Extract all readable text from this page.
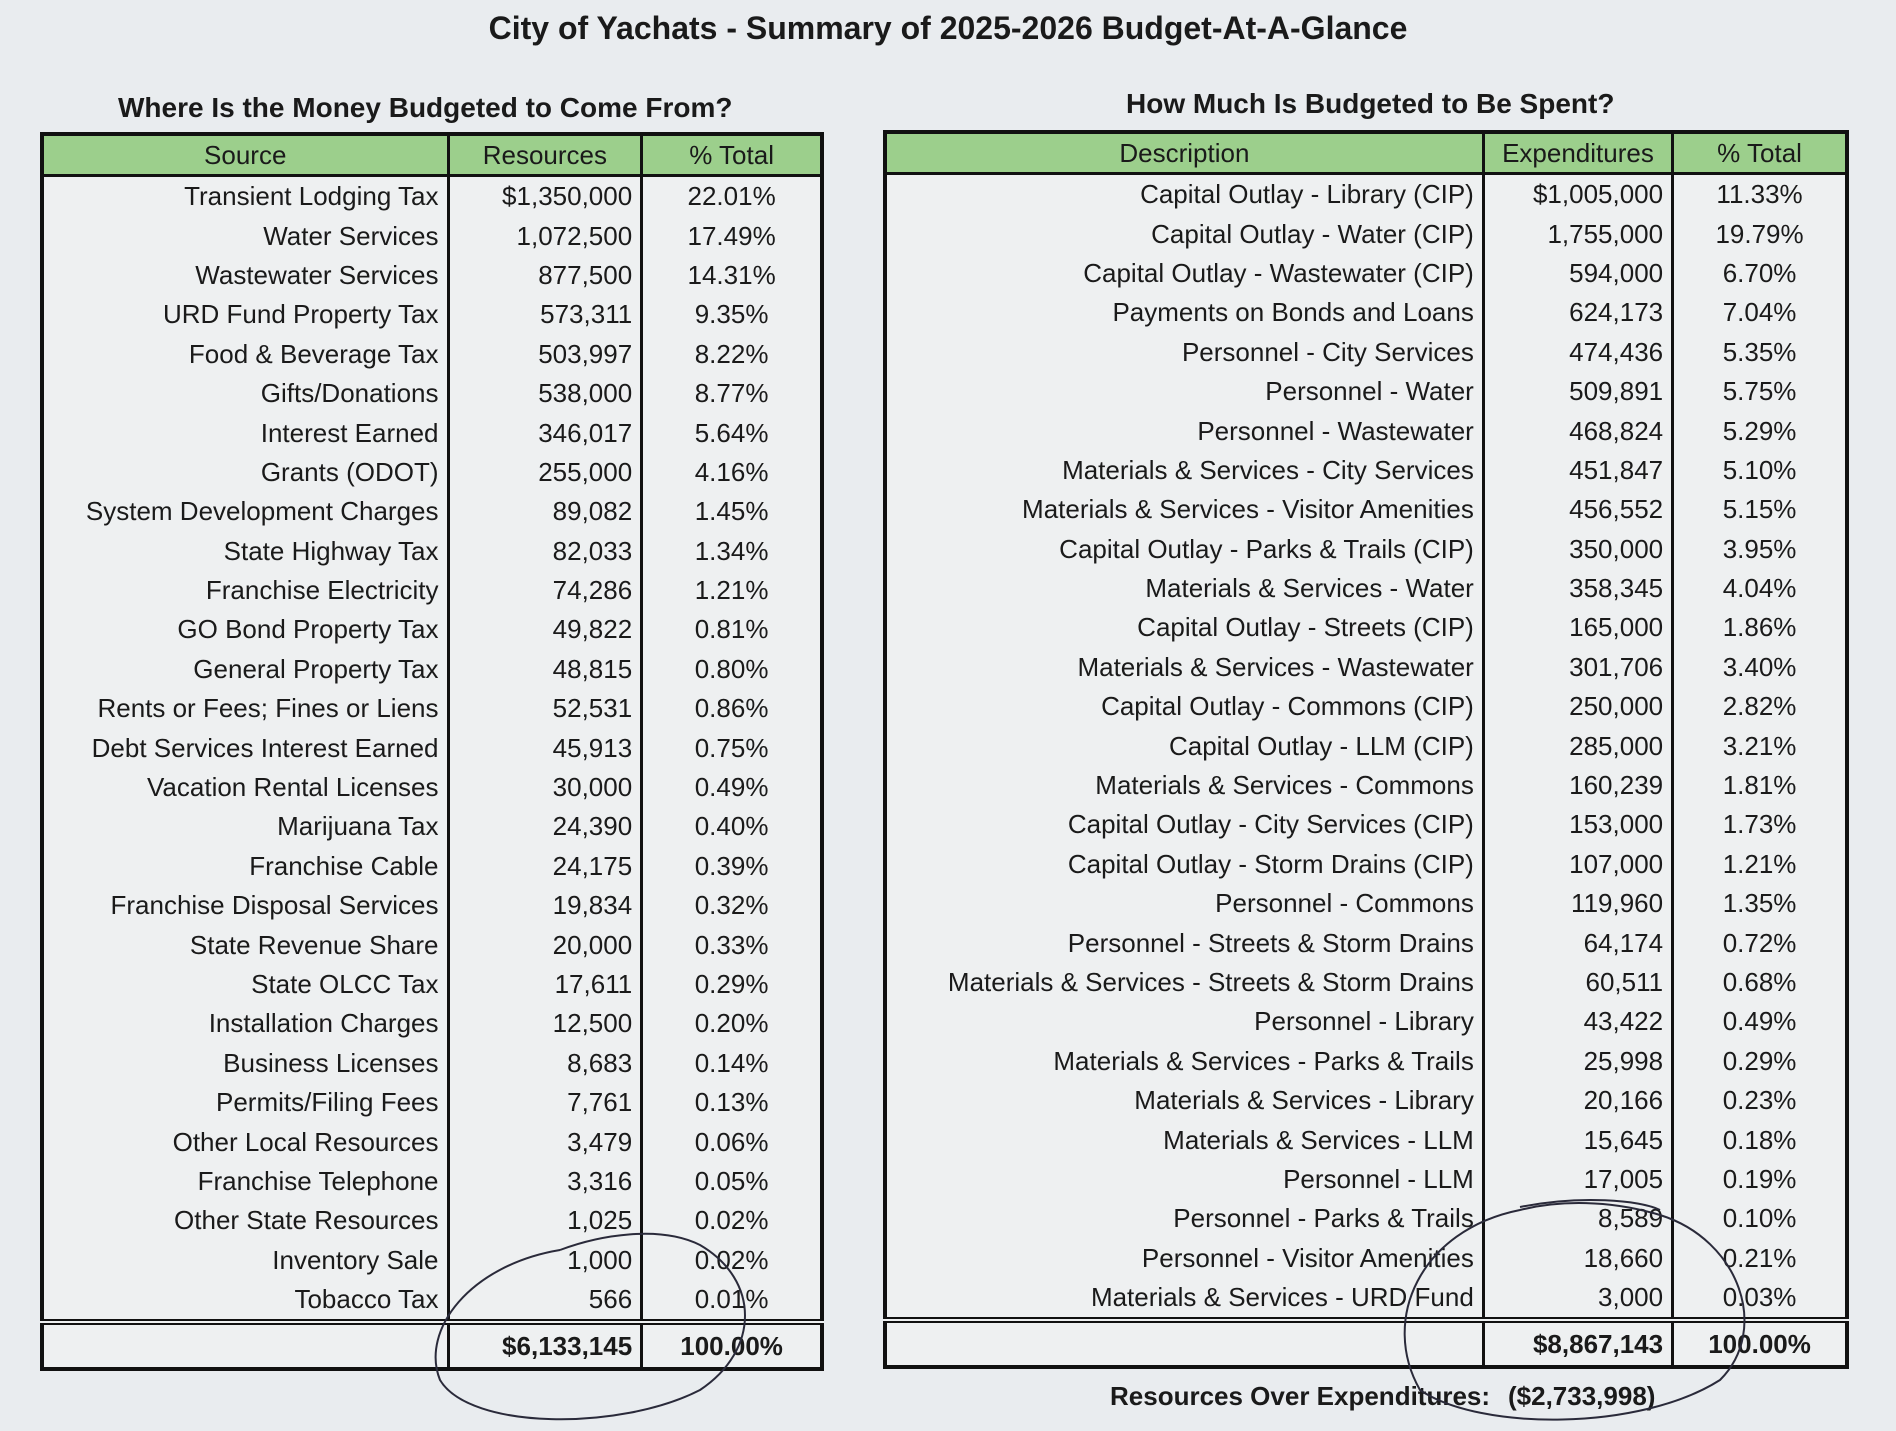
City of Yachats - Summary of 2025-2026 Budget-At-A-Glance
Where Is the Money Budgeted to Come From?	How Much Is Budgeted to Be Spent?
Source	Resources	% Total
Transient Lodging Tax	$1,350,000	22.01%
Water Services	1,072,500	17.49%
Wastewater Services	877,500	14.31%
URD Fund Property Tax	573,311	9.35%
Food & Beverage Tax	503,997	8.22%
Gifts/Donations	538,000	8.77%
Interest Earned	346,017	5.64%
Grants (ODOT)	255,000	4.16%
System Development Charges	89,082	1.45%
State Highway Tax	82,033	1.34%
Franchise Electricity	74,286	1.21%
GO Bond Property Tax	49,822	0.81%
General Property Tax	48,815	0.80%
Rents or Fees; Fines or Liens	52,531	0.86%
Debt Services Interest Earned	45,913	0.75%
Vacation Rental Licenses	30,000	0.49%
Marijuana Tax	24,390	0.40%
Franchise Cable	24,175	0.39%
Franchise Disposal Services	19,834	0.32%
State Revenue Share	20,000	0.33%
State OLCC Tax	17,611	0.29%
Installation Charges	12,500	0.20%
Business Licenses	8,683	0.14%
Permits/Filing Fees	7,761	0.13%
Other Local Resources	3,479	0.06%
Franchise Telephone	3,316	0.05%
Other State Resources	1,025	0.02%
Inventory Sale	1,000	0.02%
Tobacco Tax	566	0.01%
	$6,133,145	100.00%
Description	Expenditures	% Total
Capital Outlay - Library (CIP)	$1,005,000	11.33%
Capital Outlay - Water (CIP)	1,755,000	19.79%
Capital Outlay - Wastewater (CIP)	594,000	6.70%
Payments on Bonds and Loans	624,173	7.04%
Personnel - City Services	474,436	5.35%
Personnel - Water	509,891	5.75%
Personnel - Wastewater	468,824	5.29%
Materials & Services - City Services	451,847	5.10%
Materials & Services - Visitor Amenities	456,552	5.15%
Capital Outlay - Parks & Trails (CIP)	350,000	3.95%
Materials & Services - Water	358,345	4.04%
Capital Outlay - Streets (CIP)	165,000	1.86%
Materials & Services - Wastewater	301,706	3.40%
Capital Outlay - Commons (CIP)	250,000	2.82%
Capital Outlay - LLM (CIP)	285,000	3.21%
Materials & Services - Commons	160,239	1.81%
Capital Outlay - City Services (CIP)	153,000	1.73%
Capital Outlay - Storm Drains (CIP)	107,000	1.21%
Personnel - Commons	119,960	1.35%
Personnel - Streets & Storm Drains	64,174	0.72%
Materials & Services - Streets & Storm Drains	60,511	0.68%
Personnel - Library	43,422	0.49%
Materials & Services - Parks & Trails	25,998	0.29%
Materials & Services - Library	20,166	0.23%
Materials & Services - LLM	15,645	0.18%
Personnel - LLM	17,005	0.19%
Personnel - Parks & Trails	8,589	0.10%
Personnel - Visitor Amenities	18,660	0.21%
Materials & Services - URD Fund	3,000	0.03%
	$8,867,143	100.00%
Resources Over Expenditures: ($2,733,998)
